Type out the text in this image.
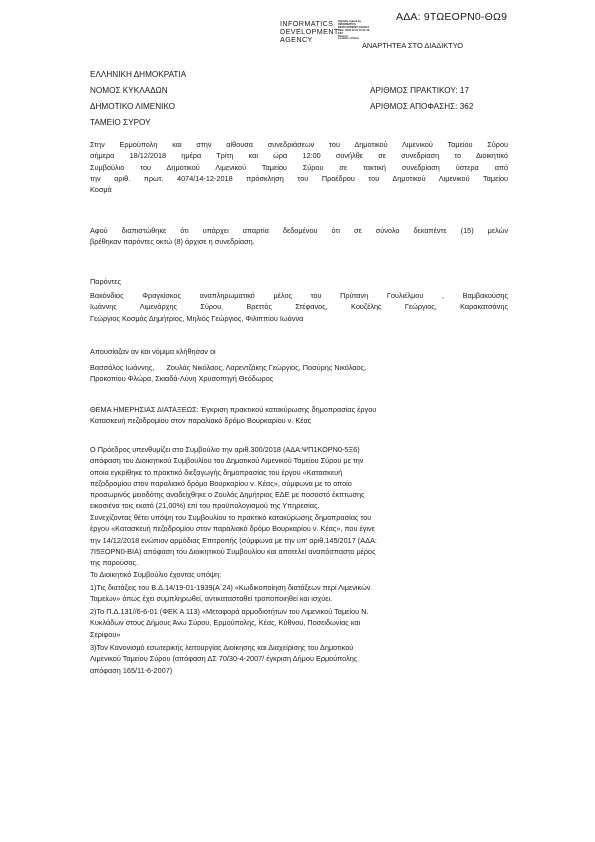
ΑΔΑ: 9ΤΩΕΟΡΝ0-ΘΩ9
INFORMATICS
DEVELOPMENT
AGENCY
Digitally signed by
INFORMATICS
DEVELOPMENT AGENCY
Date: 2018.12.21 15:11:40
EET
Reason:
Location: Athens
ΑΝΑΡΤΗΤΕΑ ΣΤΟ ΔΙΑΔΙΚΤΥΟ
ΕΛΛΗΝΙΚΗ ΔΗΜΟΚΡΑΤΙΑ
ΝΟΜΟΣ ΚΥΚΛΑΔΩΝ
ΔΗΜΟΤΙΚΟ ΛΙΜΕΝΙΚΟ
ΤΑΜΕΙΟ ΣΥΡΟΥ
ΑΡΙΘΜΟΣ ΠΡΑΚΤΙΚΟΥ: 17
ΑΡΙΘΜΟΣ ΑΠΟΦΑΣΗΣ: 362
Στην Ερμούπολη και στην αίθουσα συνεδριάσεων του Δημοτικού Λιμενικού Ταμείου Σύρου
σήμερα 18/12/2018 ημέρα Τρίτη και ώρα 12:00 συνήλθε σε συνεδρίαση το Διοικητικό
Συμβούλιο του Δημοτικού Λιμενικού Ταμείου Σύρου σε τακτική συνεδρίαση ύστερα από
την αριθ. πρωτ. 4074/14-12-2018 πρόσκληση του Προέδρου του Δημοτικού Λιμενικού Ταμείου
Κοσμά
Αφού διαπιστώθηκε ότι υπάρχει απαρτία δεδομένου ότι σε σύνολο δεκαπέντε (15) μελών
βρέθηκαν παρόντες οκτώ (8) άρχισε η συνεδρίαση.
Παρόντες
Βακόνδιος Φραγκίσκος αναπληρωματικό μέλος του Πρύτανη Γουλιέλμου , Βαμβακούσης
Ιωάννης Λιμενάρχης Σύρου, Βρεττός Στέφανος, Κουζέλης Γεώργιος, Καρακατσάνης
Γεώργιος Κοσμάς Δημήτριος, Μηλιός Γεώργιος, Φιλιππίου Ιωάννα
Απουσίαζαν αν και νόμιμα κλήθησαν οι
Βασσάλος Ιωάννης,      Ζουλάς Νικόλαος, Λαρεντζάκης Γεώργιος, Ποσύρης Νικόλαος,
Προκοπίου Φλώρα, Σκιαδά-Λύνη Χρυσοπηγή Θεόδωρος
ΘΕΜΑ ΗΜΕΡΗΣΙΑΣ ΔΙΑΤΑΞΕΩΣ: Έγκριση πρακτικού κατακύρωσης δημοπρασίας έργου
Κατασκευή πεζοδρομίου στον παραλιακό δρόμο Βουρκαρίου ν. Κέας
Ο Πρόεδρος υπενθυμίζει στο Συμβούλιο την αριθ.300/2018 (ΑΔΑ:ΨΠ1ΚΟΡΝ0-5Ξ6)
απόφαση του Διοικητικού Συμβουλίου του Δημοτικού Λιμενικού Ταμείου Σύρου με την
οποία εγκρίθηκε το πρακτικό διεξαγωγής δημοπρασίας του έργου «Κατασκευή
πεζοδρομίου στον παραλιακό δρόμο Βουρκαρίου ν. Κέας», σύμφωνα με το οποίο
προσωρινός μειοδότης αναδείχθηκε ο Ζουλάς Δημήτριος ΕΔΕ με ποσοστό έκπτωσης
εικοσιένα τοις εκατό (21,00%) επί του προϋπολογισμού της Υπηρεσίας.
Συνεχίζοντας θέτει υπόψη του Συμβουλίου το πρακτικό κατακύρωσης δημοπρασίας του
έργου «Κατασκευή πεζοδρομίου στον παραλιακό δρόμο Βουρκαρίου ν. Κέας», που έγινε
την 14/12/2018 ενώπιον αρμόδιας Επιτροπής (σύμφωνα με την υπ' αριθ.145/2017 (ΑΔΑ:
7Ι5ΞΟΡΝ0-ΒΙΑ) απόφαση του Διοικητικού Συμβουλίου και αποτελεί αναπόσπαστο μέρος
της παρούσας.
Το Διοικητικό Συμβούλιο έχοντας υπόψη:
1)Τις διατάξεις του Β.Δ.14/19-01-1939(Α΄24) «Κωδικοποίηση διατάξεων περί Λιμενικών
Ταμείων» όπως έχει συμπληρωθεί, αντικατασταθεί τροποποιηθεί και ισχύει.
2)Το Π.Δ.131//6-6-01 (ΦΕΚ Α 113) «Μεταφορά αρμοδιοτήτων του Λιμενικού Ταμείου Ν.
Κυκλάδων στους Δήμους Άνω Σύρου, Ερμούπολης, Κέας, Κύθνου, Ποσειδωνίας και
Σερίφου»
3)Τον Κανονισμό εσωτερικής λειτουργίας Διοίκησης και Διαχείρισης του Δημοτικού
Λιμενικού Ταμείου Σύρου (απόφαση ΔΣ 70/30-4-2007/ έγκριση Δήμου Ερμούπολης
απόφαση 165/11-6-2007)
